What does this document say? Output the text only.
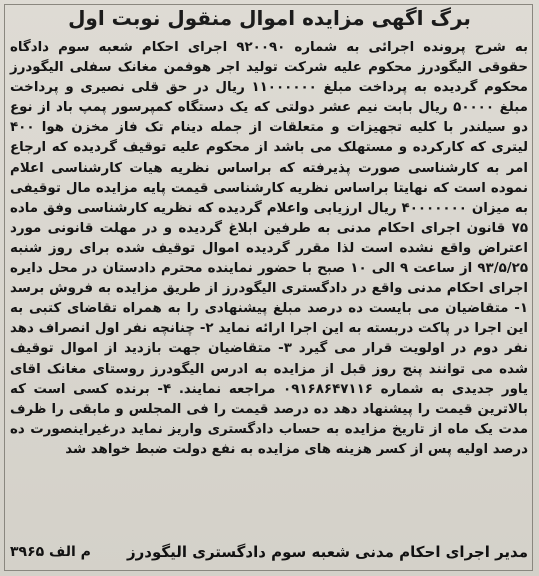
برگ اگهی مزایده اموال منقول نوبت اول

به شرح پرونده اجرائی به شماره ۹۲۰۰۹۰ اجرای احکام شعبه سوم دادگاه حقوقی الیگودرز محکوم علیه شرکت تولید اجر هوفمن مغانک سفلی الیگودرز محکوم گردیده به پرداخت مبلغ ۱۱۰۰۰۰۰۰ ریال در حق قلی نصیری و پرداخت مبلغ ۵۰۰۰۰ ریال بابت نیم عشر دولتی که یک دستگاه کمپرسور پمپ باد از نوع دو سیلندر با کلیه تجهیزات و متعلقات از جمله دینام تک فاز مخزن هوا ۴۰۰ لیتری که کارکرده و مستهلک می باشد از محکوم علیه توقیف گردیده که ارجاع امر به کارشناسی صورت پذیرفته که براساس نظریه هیات کارشناسی اعلام نموده است که نهایتا براساس نظریه کارشناسی قیمت پایه مزایده مال توقیفی به میزان ۴۰۰۰۰۰۰۰ ریال ارزیابی واعلام گردیده که نظریه کارشناسی وفق ماده ۷۵ قانون اجرای احکام مدنی به طرفین ابلاغ گردیده و در مهلت قانونی مورد اعتراض واقع نشده است لذا مقرر گردیده اموال توقیف شده برای روز شنبه ۹۳/۵/۲۵ از ساعت ۹ الی ۱۰ صبح با حضور نماینده محترم دادستان در محل دایره اجرای احکام مدنی واقع در دادگستری الیگودرز از طریق مزایده به فروش برسد ۱- متقاضیان می بایست ده درصد مبلغ پیشنهادی را به همراه تقاضای کتبی به این اجرا در پاکت دربسته به این اجرا ارائه نماید ۲- چنانچه نفر اول انصراف دهد نفر دوم در اولویت قرار می گیرد ۳- متقاضیان جهت بازدید از اموال توقیف شده می توانند پنج روز قبل از مزایده به ادرس الیگودرز روستای مغانک اقای یاور جدیدی به شماره ۰۹۱۶۸۶۴۷۱۱۶ مراجعه نمایند. ۴- برنده کسی است که بالاترین قیمت را پیشنهاد دهد ده درصد قیمت را فی المجلس و مابقی را ظرف مدت یک ماه از تاریخ مزایده به حساب دادگستری واریز نماید درغیراینصورت ده درصد اولیه پس از کسر هزینه های مزایده به نفع دولت ضبط خواهد شد

مدیر اجرای احکام مدنی شعبه سوم دادگستری الیگودرز
م الف ۳۹۶۵
